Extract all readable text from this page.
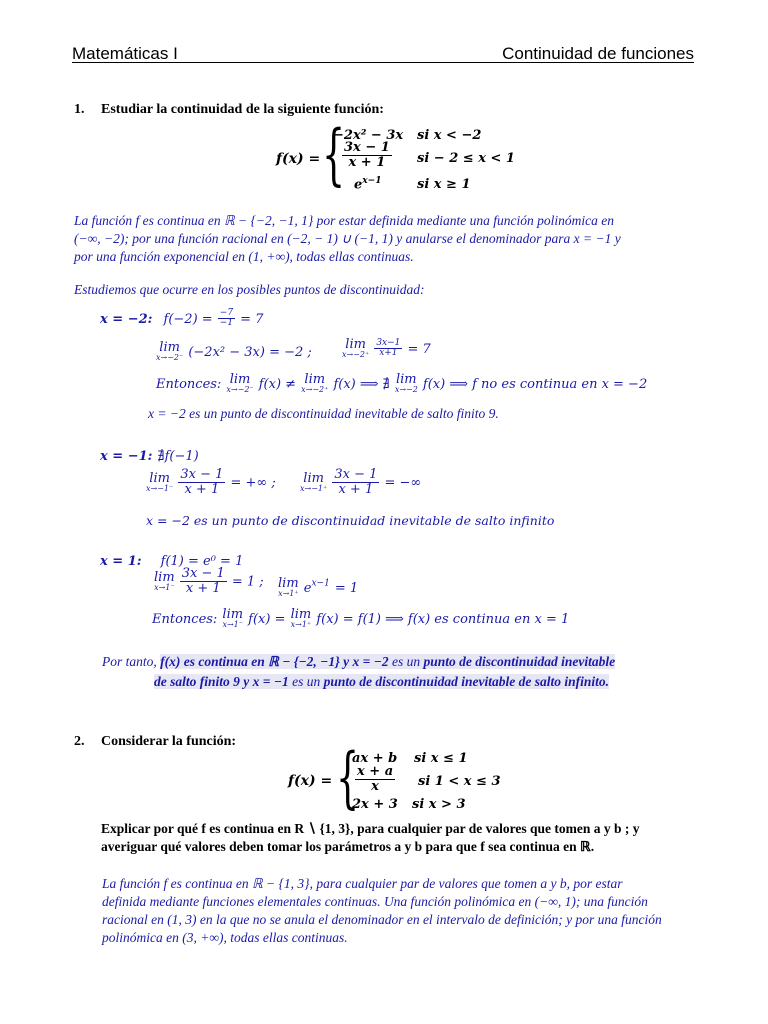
Matemáticas I	Continuidad de funciones
1. Estudiar la continuidad de la siguiente función:
f(x) = {
−2x² − 3x si x < −2
$\frac{3x - 1}{x + 1}$ si − 2 ≤ x < 1
$e^{x-1}$	si x ≥ 1
La función f es continua en ℝ − {−2, −1, 1} por estar definida mediante una función polinómica en
(−∞, −2); por una función racional en (−2, − 1) ∪ (−1, 1) y anularse el denominador para x = −1 y
por una función exponencial en (1, +∞), todas ellas continuas.
Estudiemos que ocurre en los posibles puntos de discontinuidad:
x = −2: $f(-2) = \frac{-7}{-1} = 7$
lim
x→−2⁻ (−2x² − 3x) = −2 ;
lim
x→−2⁺
$\frac{3x-1}{x+1} = 7$
Entonces: lim
x→−2⁻ f(x) ≠ lim
x→−2⁺ f(x) ⟹ ∄ lim
x→−2 f(x) ⟹ f no es continua en x = −2
x = −2 es un punto de discontinuidad inevitable de salto finito 9.
x = −1: ∄f(−1)
lim
x→−1⁻
$\frac{3x - 1}{x + 1}$ = +∞ ; lim
x→−1⁺
$\frac{3x - 1}{x + 1}$ = −∞
x = −2 es un punto de discontinuidad inevitable de salto infinito
x = 1: f(1) = e⁰ = 1
lim
x→1⁻
$\frac{3x - 1}{x + 1} = 1$ ; lim
x→1⁺ $e^{x-1} = 1$
Entonces: lim
x→1⁻ f(x) = lim
x→1⁺ f(x) = f(1) ⟹ f(x) es continua en x = 1
Por tanto, f(x) es continua en ℝ − {−2, −1} y x = −2 es un punto de discontinuidad inevitable
de salto finito 9 y x = −1 es un punto de discontinuidad inevitable de salto infinito.
2. Considerar la función:
f(x) = {
ax + b si x ≤ 1
$\frac{x + a}{x}$ si 1 < x ≤ 3
2x + 3 si x > 3
Explicar por qué f es continua en R ∖ {1, 3}, para cualquier par de valores que tomen a y b ; y
averiguar qué valores deben tomar los parámetros a y b para que f sea continua en ℝ.
La función f es continua en ℝ − {1, 3}, para cualquier par de valores que tomen a y b, por estar
definida mediante funciones elementales continuas. Una función polinómica en (−∞, 1); una función
racional en (1, 3) en la que no se anula el denominador en el intervalo de definición; y por una función
polinómica en (3, +∞), todas ellas continuas.
